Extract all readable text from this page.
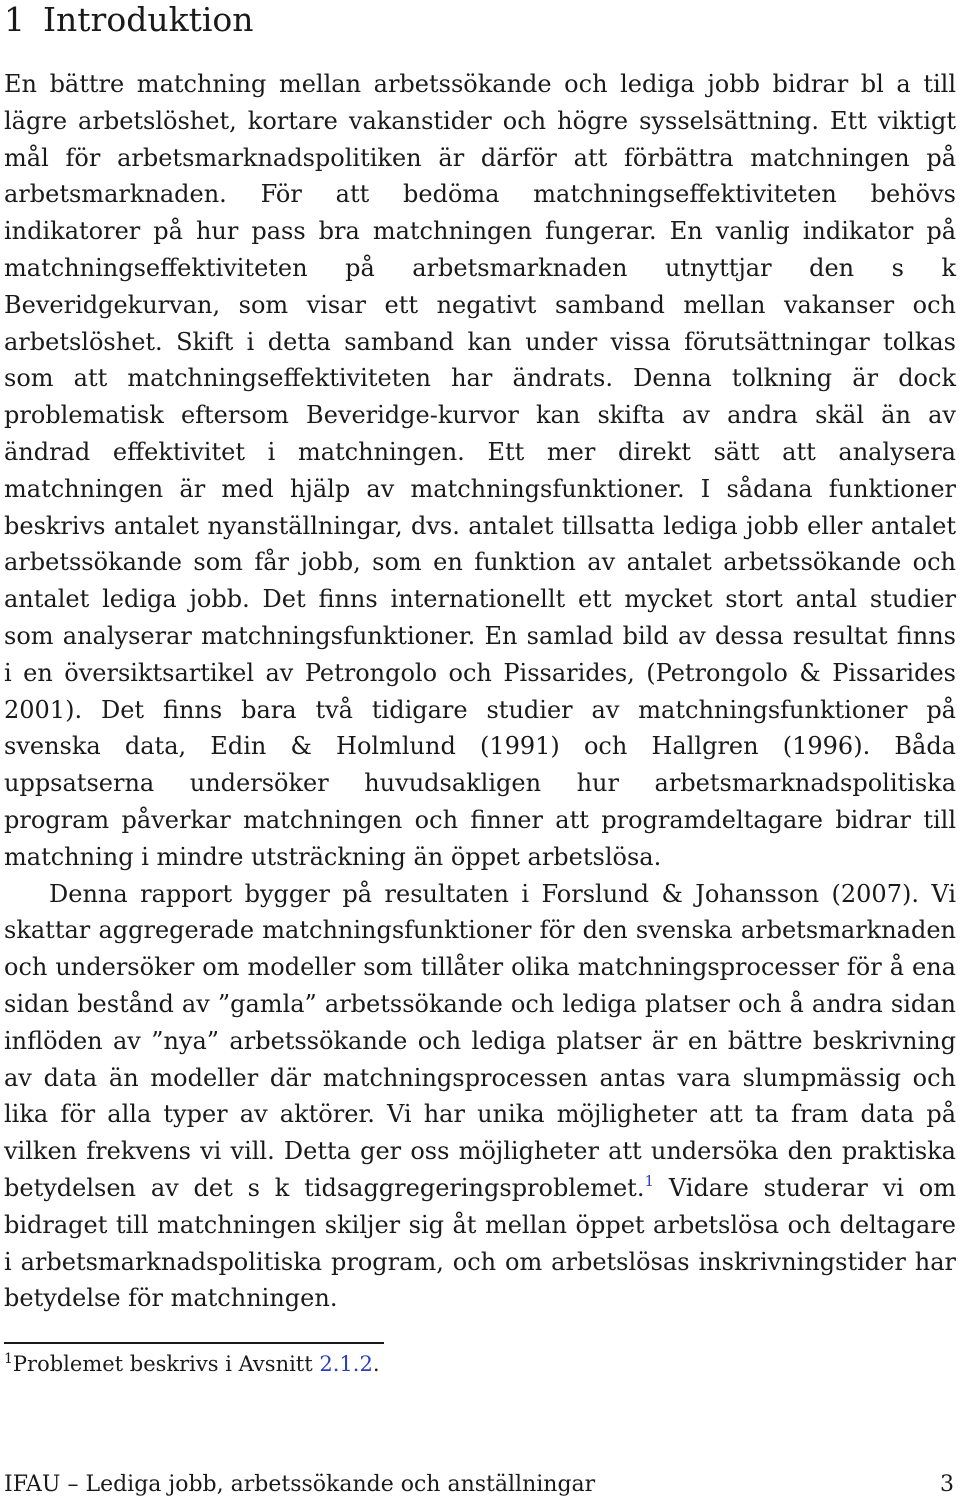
1 Introduktion

En bättre matchning mellan arbetssökande och lediga jobb bidrar bl a till lägre arbetslöshet, kortare vakanstider och högre sysselsättning. Ett viktigt mål för arbetsmarknadspolitiken är därför att förbättra matchningen på arbetsmarknaden. För att bedöma matchningseffektiviteten behövs indikatorer på hur pass bra matchningen fungerar. En vanlig indikator på matchningseffektiviteten på arbetsmarknaden utnyttjar den s k Beveridgekurvan, som visar ett negativt samband mellan vakanser och arbetslöshet. Skift i detta samband kan under vissa förutsättningar tolkas som att matchningseffektiviteten har ändrats. Denna tolkning är dock problematisk eftersom Beveridge-kurvor kan skifta av andra skäl än av ändrad effektivitet i matchningen. Ett mer direkt sätt att analysera matchningen är med hjälp av matchningsfunktioner. I sådana funktioner beskrivs antalet nyanställningar, dvs. antalet tillsatta lediga jobb eller antalet arbetssökande som får jobb, som en funktion av antalet arbetssökande och antalet lediga jobb. Det finns internationellt ett mycket stort antal studier som analyserar matchningsfunktioner. En samlad bild av dessa resultat finns i en översiktsartikel av Petrongolo och Pissarides, (Petrongolo & Pissarides 2001). Det finns bara två tidigare studier av matchningsfunktioner på svenska data, Edin & Holmlund (1991) och Hallgren (1996). Båda uppsatserna undersöker huvudsakligen hur arbetsmarknadspolitiska program påverkar matchningen och finner att programdeltagare bidrar till matchning i mindre utsträckning än öppet arbetslösa.

Denna rapport bygger på resultaten i Forslund & Johansson (2007). Vi skattar aggregerade matchningsfunktioner för den svenska arbetsmarknaden och undersöker om modeller som tillåter olika matchningsprocesser för å ena sidan bestånd av ”gamla” arbetssökande och lediga platser och å andra sidan inflöden av ”nya” arbetssökande och lediga platser är en bättre beskrivning av data än modeller där matchningsprocessen antas vara slumpmässig och lika för alla typer av aktörer. Vi har unika möjligheter att ta fram data på vilken frekvens vi vill. Detta ger oss möjligheter att undersöka den praktiska betydelsen av det s k tidsaggregeringsproblemet.$^1$ Vidare studerar vi om bidraget till matchningen skiljer sig åt mellan öppet arbetslösa och deltagare i arbetsmarknadspolitiska program, och om arbetslösas inskrivningstider har betydelse för matchningen.

$^1$Problemet beskrivs i Avsnitt 2.1.2.
IFAU – Lediga jobb, arbetssökande och anställningar	3
